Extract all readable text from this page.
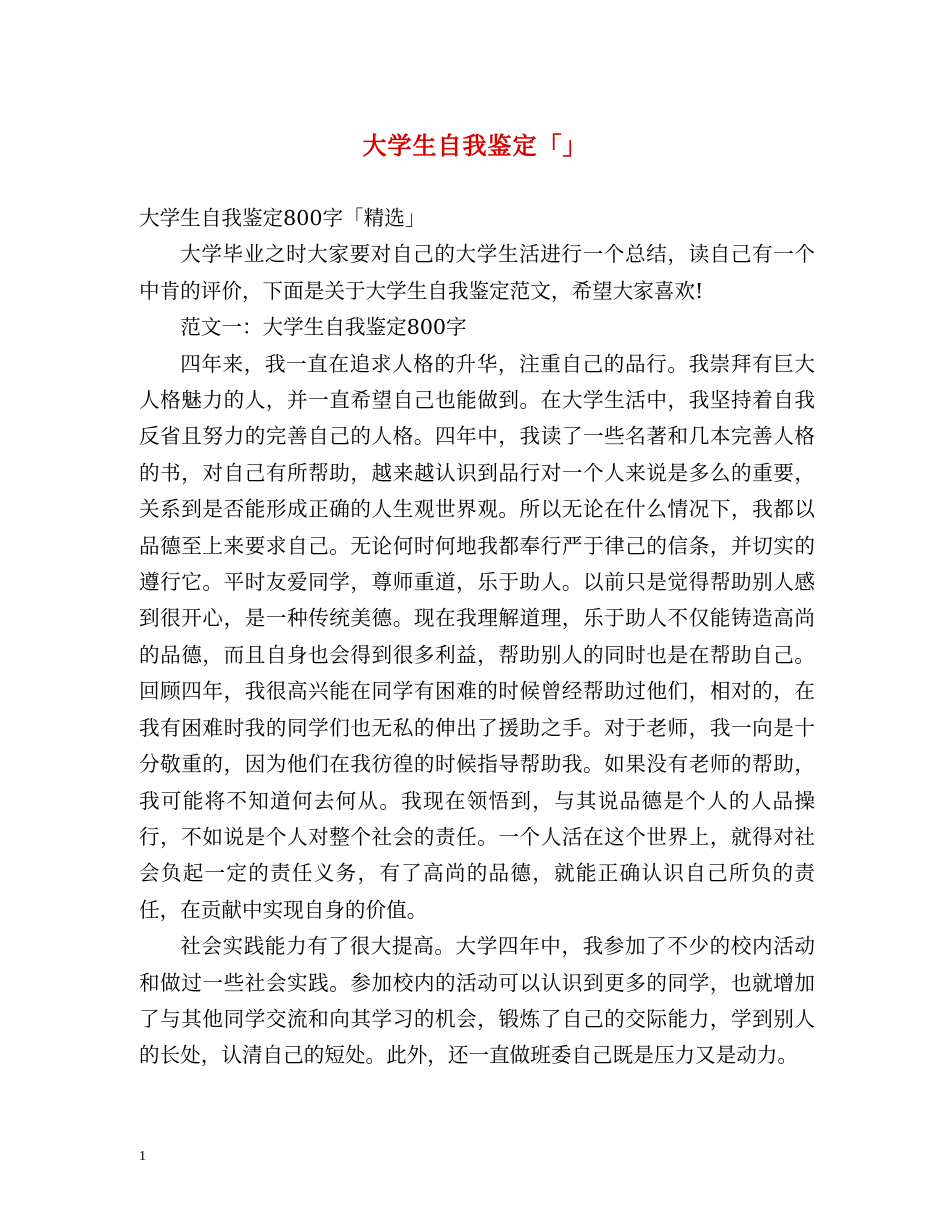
大学生自我鉴定「」

大学生自我鉴定800字「精选」

大学毕业之时大家要对自己的大学生活进行一个总结，读自己有一个中肯的评价，下面是关于大学生自我鉴定范文，希望大家喜欢!

范文一：大学生自我鉴定800字

四年来，我一直在追求人格的升华，注重自己的品行。我崇拜有巨大人格魅力的人，并一直希望自己也能做到。在大学生活中，我坚持着自我反省且努力的完善自己的人格。四年中，我读了一些名著和几本完善人格的书，对自己有所帮助，越来越认识到品行对一个人来说是多么的重要，关系到是否能形成正确的人生观世界观。所以无论在什么情况下，我都以品德至上来要求自己。无论何时何地我都奉行严于律己的信条，并切实的遵行它。平时友爱同学，尊师重道，乐于助人。以前只是觉得帮助别人感到很开心，是一种传统美德。现在我理解道理，乐于助人不仅能铸造高尚的品德，而且自身也会得到很多利益，帮助别人的同时也是在帮助自己。回顾四年，我很高兴能在同学有困难的时候曾经帮助过他们，相对的，在我有困难时我的同学们也无私的伸出了援助之手。对于老师，我一向是十分敬重的，因为他们在我彷徨的时候指导帮助我。如果没有老师的帮助，我可能将不知道何去何从。我现在领悟到，与其说品德是个人的人品操行，不如说是个人对整个社会的责任。一个人活在这个世界上，就得对社会负起一定的责任义务，有了高尚的品德，就能正确认识自己所负的责任，在贡献中实现自身的价值。

社会实践能力有了很大提高。大学四年中，我参加了不少的校内活动和做过一些社会实践。参加校内的活动可以认识到更多的同学，也就增加了与其他同学交流和向其学习的机会，锻炼了自己的交际能力，学到别人的长处，认清自己的短处。此外，还一直做班委自己既是压力又是动力。

1
